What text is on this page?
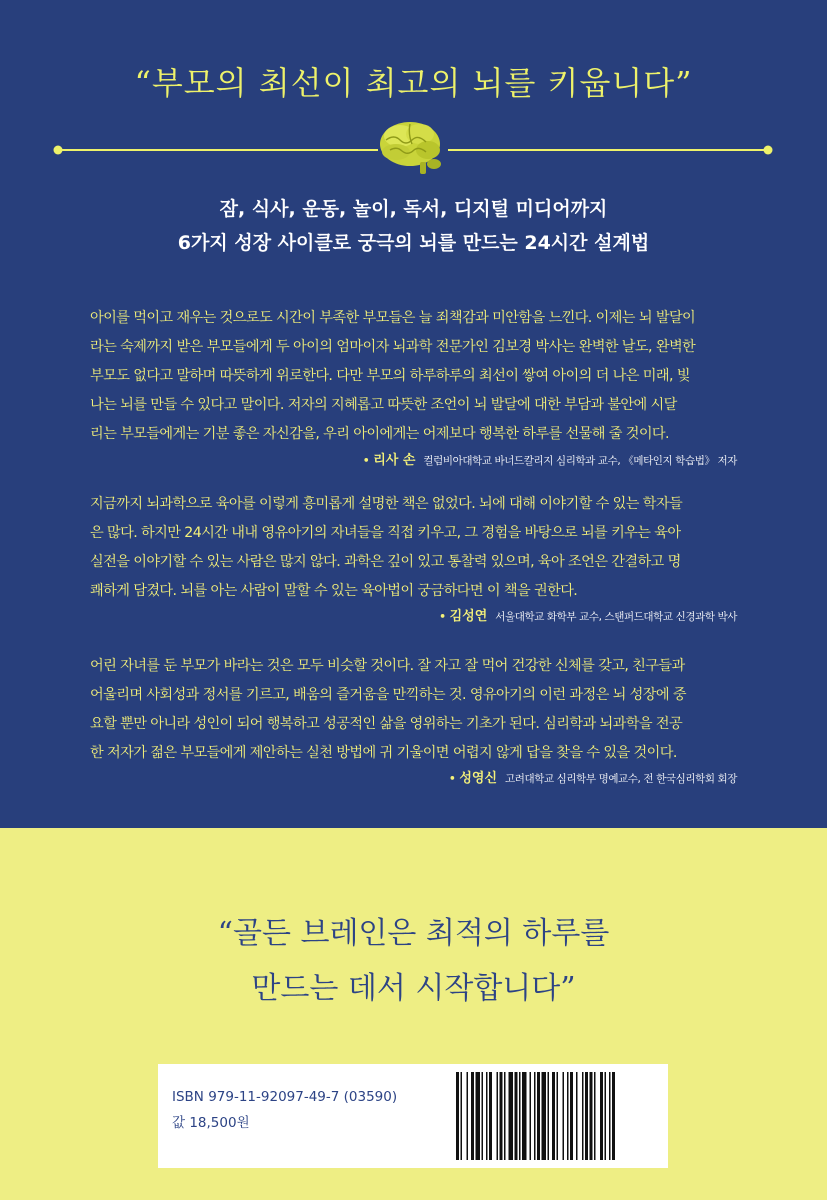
“부모의 최선이 최고의 뇌를 키웁니다”
잠, 식사, 운동, 놀이, 독서, 디지털 미디어까지
6가지 성장 사이클로 궁극의 뇌를 만드는 24시간 설계법
아이를 먹이고 재우는 것으로도 시간이 부족한 부모들은 늘 죄책감과 미안함을 느낀다. 이제는 뇌 발달이
라는 숙제까지 받은 부모들에게 두 아이의 엄마이자 뇌과학 전문가인 김보경 박사는 완벽한 날도, 완벽한
부모도 없다고 말하며 따뜻하게 위로한다. 다만 부모의 하루하루의 최선이 쌓여 아이의 더 나은 미래, 빛
나는 뇌를 만들 수 있다고 말이다. 저자의 지혜롭고 따뜻한 조언이 뇌 발달에 대한 부담과 불안에 시달
리는 부모들에게는 기분 좋은 자신감을, 우리 아이에게는 어제보다 행복한 하루를 선물해 줄 것이다.
• 리사 손 컬럼비아대학교 바너드칼리지 심리학과 교수, 《메타인지 학습법》 저자
지금까지 뇌과학으로 육아를 이렇게 흥미롭게 설명한 책은 없었다. 뇌에 대해 이야기할 수 있는 학자들
은 많다. 하지만 24시간 내내 영유아기의 자녀들을 직접 키우고, 그 경험을 바탕으로 뇌를 키우는 육아
실전을 이야기할 수 있는 사람은 많지 않다. 과학은 깊이 있고 통찰력 있으며, 육아 조언은 간결하고 명
쾌하게 담겼다. 뇌를 아는 사람이 말할 수 있는 육아법이 궁금하다면 이 책을 권한다.
• 김성연 서울대학교 화학부 교수, 스탠퍼드대학교 신경과학 박사
어린 자녀를 둔 부모가 바라는 것은 모두 비슷할 것이다. 잘 자고 잘 먹어 건강한 신체를 갖고, 친구들과
어울리며 사회성과 정서를 기르고, 배움의 즐거움을 만끽하는 것. 영유아기의 이런 과정은 뇌 성장에 중
요할 뿐만 아니라 성인이 되어 행복하고 성공적인 삶을 영위하는 기초가 된다. 심리학과 뇌과학을 전공
한 저자가 젊은 부모들에게 제안하는 실천 방법에 귀 기울이면 어렵지 않게 답을 찾을 수 있을 것이다.
• 성영신 고려대학교 심리학부 명예교수, 전 한국심리학회 회장
“골든 브레인은 최적의 하루를
만드는 데서 시작합니다”
ISBN 979-11-92097-49-7 (03590)
값 18,500원
